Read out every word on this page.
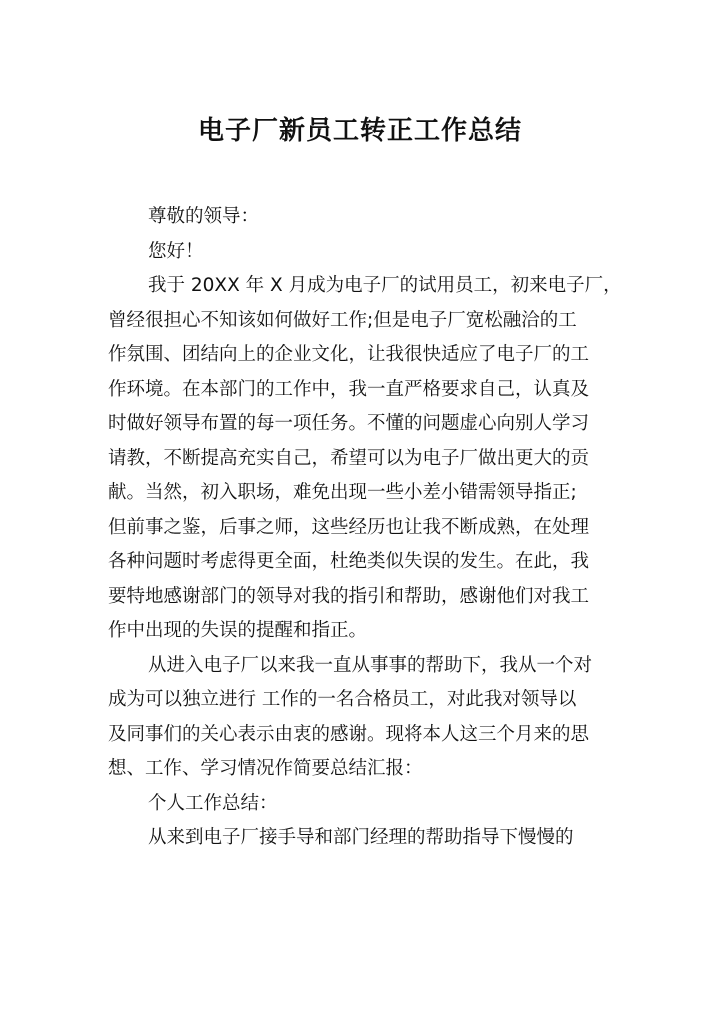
电子厂新员工转正工作总结
尊敬的领导：
您好！
我于 20XX 年 X 月成为电子厂的试用员工，初来电子厂，
曾经很担心不知该如何做好工作;但是电子厂宽松融洽的工
作氛围、团结向上的企业文化，让我很快适应了电子厂的工
作环境。在本部门的工作中，我一直严格要求自己，认真及
时做好领导布置的每一项任务。不懂的问题虚心向别人学习
请教，不断提高充实自己，希望可以为电子厂做出更大的贡
献。当然，初入职场，难免出现一些小差小错需领导指正;
但前事之鉴，后事之师，这些经历也让我不断成熟，在处理
各种问题时考虑得更全面，杜绝类似失误的发生。在此，我
要特地感谢部门的领导对我的指引和帮助，感谢他们对我工
作中出现的失误的提醒和指正。
从进入电子厂以来我一直从事事的帮助下，我从一个对
成为可以独立进行 工作的一名合格员工，对此我对领导以
及同事们的关心表示由衷的感谢。现将本人这三个月来的思
想、工作、学习情况作简要总结汇报：
个人工作总结：
从来到电子厂接手导和部门经理的帮助指导下慢慢的
